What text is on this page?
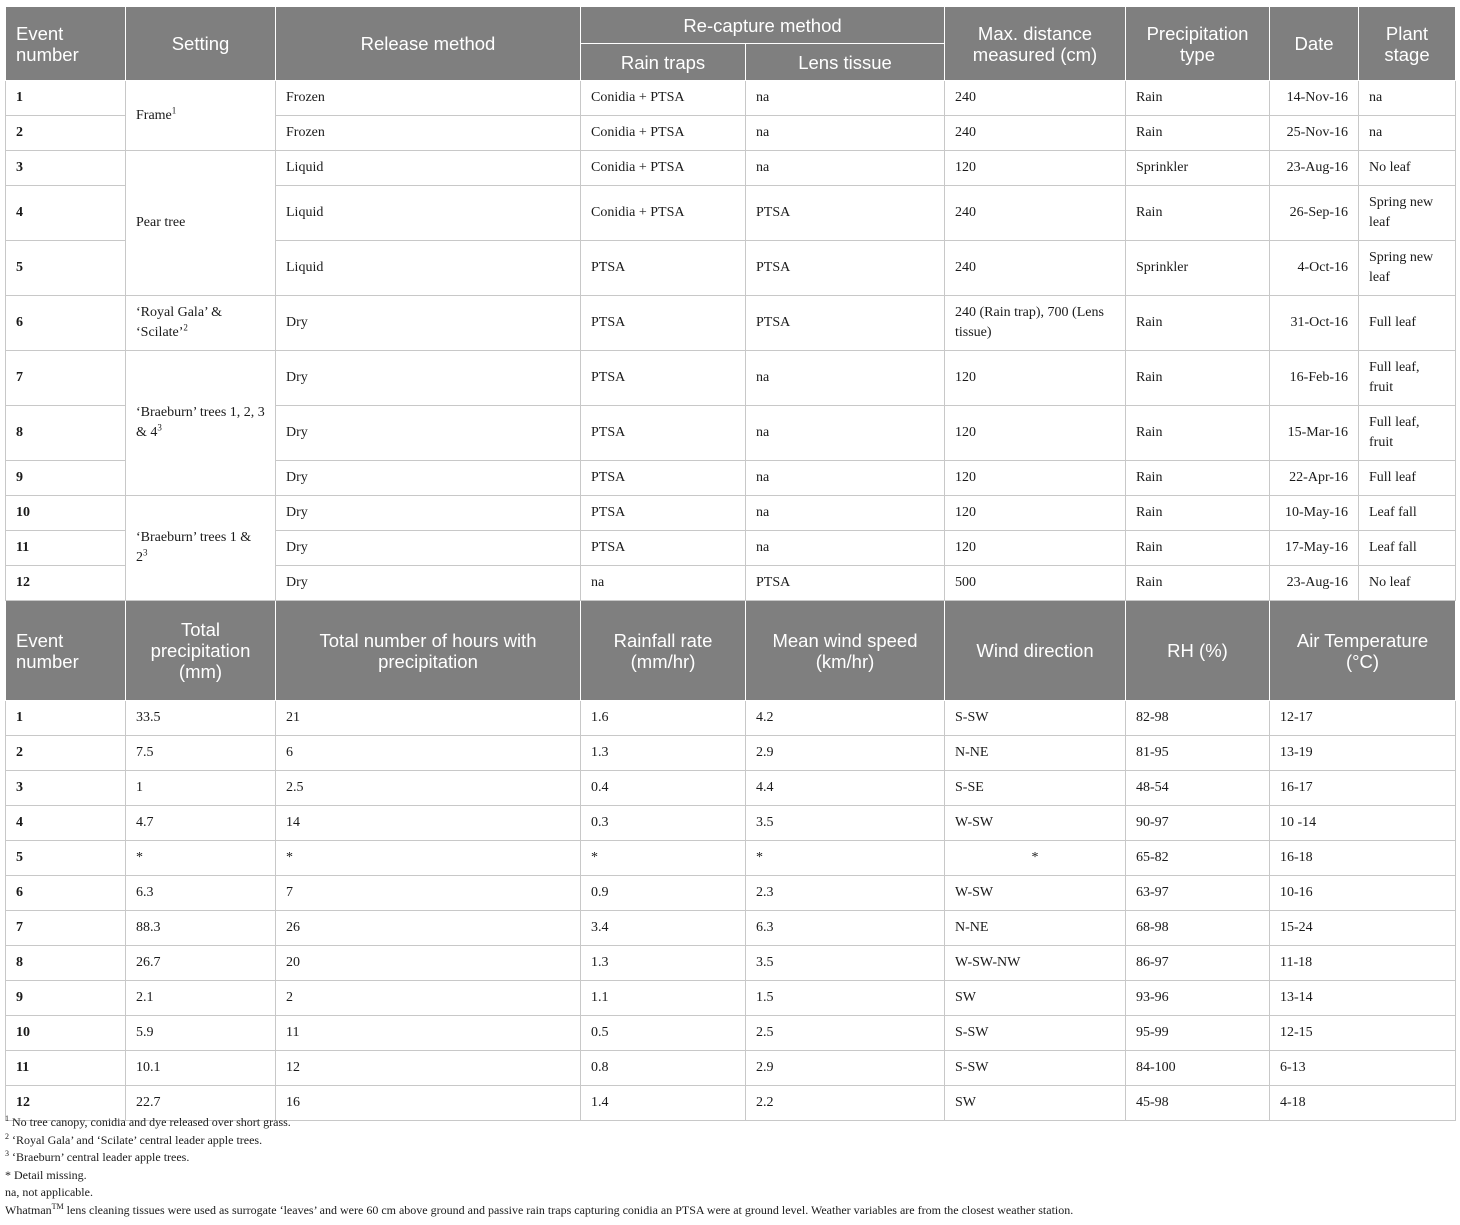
Event number	Setting	Release method	Re-capture method		Max. distance measured (cm)	Precipitation type	Date	Plant stage
			Rain traps	Lens tissue				
1	Frame$^1$	Frozen	Conidia + PTSA	na	240	Rain	14-Nov-16	na
2		Frozen	Conidia + PTSA	na	240	Rain	25-Nov-16	na
3	Pear tree	Liquid	Conidia + PTSA	na	120	Sprinkler	23-Aug-16	No leaf
4		Liquid	Conidia + PTSA	PTSA	240	Rain	26-Sep-16	Spring new leaf
5		Liquid	PTSA	PTSA	240	Sprinkler	4-Oct-16	Spring new leaf
6	‘Royal Gala’ & ‘Scilate’$^2$	Dry	PTSA	PTSA	240 (Rain trap), 700 (Lens tissue)	Rain	31-Oct-16	Full leaf
7	‘Braeburn’ trees 1, 2, 3 & $4^3$	Dry	PTSA	na	120	Rain	16-Feb-16	Full leaf, fruit
8		Dry	PTSA	na	120	Rain	15-Mar-16	Full leaf, fruit
9		Dry	PTSA	na	120	Rain	22-Apr-16	Full leaf
10	‘Braeburn’ trees 1 & $2^3$	Dry	PTSA	na	120	Rain	10-May-16	Leaf fall
11		Dry	PTSA	na	120	Rain	17-May-16	Leaf fall
12		Dry	na	PTSA	500	Rain	23-Aug-16	No leaf
Event number	Total precipitation (mm)	Total number of hours with precipitation	Rainfall rate (mm/hr)	Mean wind speed (km/hr)	Wind direction	RH (%)	Air Temperature (°C)	
1	33.5	21	1.6	4.2	S-SW	82-98	12-17	
2	7.5	6	1.3	2.9	N-NE	81-95	13-19	
3	1	2.5	0.4	4.4	S-SE	48-54	16-17	
4	4.7	14	0.3	3.5	W-SW	90-97	10 -14	
5	*	*	*	*	*	65-82	16-18	
6	6.3	7	0.9	2.3	W-SW	63-97	10-16	
7	88.3	26	3.4	6.3	N-NE	68-98	15-24	
8	26.7	20	1.3	3.5	W-SW-NW	86-97	11-18	
9	2.1	2	1.1	1.5	SW	93-96	13-14	
10	5.9	11	0.5	2.5	S-SW	95-99	12-15	
11	10.1	12	0.8	2.9	S-SW	84-100	6-13	
12	22.7	16	1.4	2.2	SW	45-98	4-18	
$^1$ No tree canopy, conidia and dye released over short grass.
$^2$ ‘Royal Gala’ and ‘Scilate’ central leader apple trees.
$^3$ ‘Braeburn’ central leader apple trees.
* Detail missing.
na, not applicable.
Whatman™ lens cleaning tissues were used as surrogate ‘leaves’ and were 60 cm above ground and passive rain traps capturing conidia an PTSA were at ground level. Weather variables are from the closest weather station.
